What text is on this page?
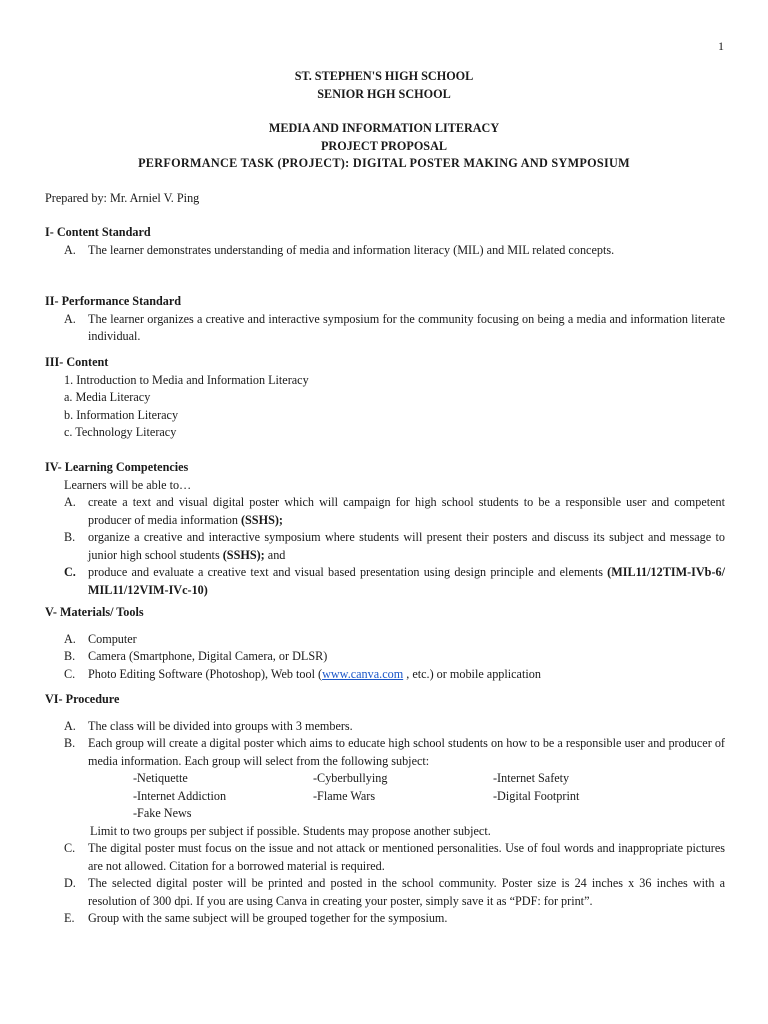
1
ST. STEPHEN'S HIGH SCHOOL
SENIOR HGH SCHOOL
MEDIA AND INFORMATION LITERACY
PROJECT PROPOSAL
PERFORMANCE TASK (PROJECT): DIGITAL POSTER MAKING AND SYMPOSIUM
Prepared by: Mr. Arniel V. Ping
I- Content Standard
A. The learner demonstrates understanding of media and information literacy (MIL) and MIL related concepts.
II- Performance Standard
A. The learner organizes a creative and interactive symposium for the community focusing on being a media and information literate individual.
III- Content
1. Introduction to Media and Information Literacy
a. Media Literacy
b. Information Literacy
c. Technology Literacy
IV- Learning Competencies
Learners will be able to…
A. create a text and visual digital poster which will campaign for high school students to be a responsible user and competent producer of media information (SSHS);
B.	organize a creative and interactive symposium where students will present their posters and discuss its subject and message to junior high school students (SSHS); and
C. produce and evaluate a creative text and visual based presentation using design principle and elements (MIL11/12TIM-IVb-6/ MIL11/12VIM-IVc-10)
V- Materials/ Tools
A. Computer
B.	Camera (Smartphone, Digital Camera, or DLSR)
C.	Photo Editing Software (Photoshop), Web tool (www.canva.com , etc.) or mobile application
VI- Procedure
A. The class will be divided into groups with 3 members.
B.	Each group will create a digital poster which aims to educate high school students on how to be a responsible user and producer of media information. Each group will select from the following subject:
-Netiquette	-Cyberbullying	-Internet Safety
-Internet Addiction	-Flame Wars	-Digital Footprint
-Fake News
Limit to two groups per subject if possible. Students may propose another subject.
C.	The digital poster must focus on the issue and not attack or mentioned personalities. Use of foul words and inappropriate pictures are not allowed. Citation for a borrowed material is required.
D. The selected digital poster will be printed and posted in the school community. Poster size is 24 inches x 36 inches with a resolution of 300 dpi. If you are using Canva in creating your poster, simply save it as “PDF: for print”.
E.	Group with the same subject will be grouped together for the symposium.
